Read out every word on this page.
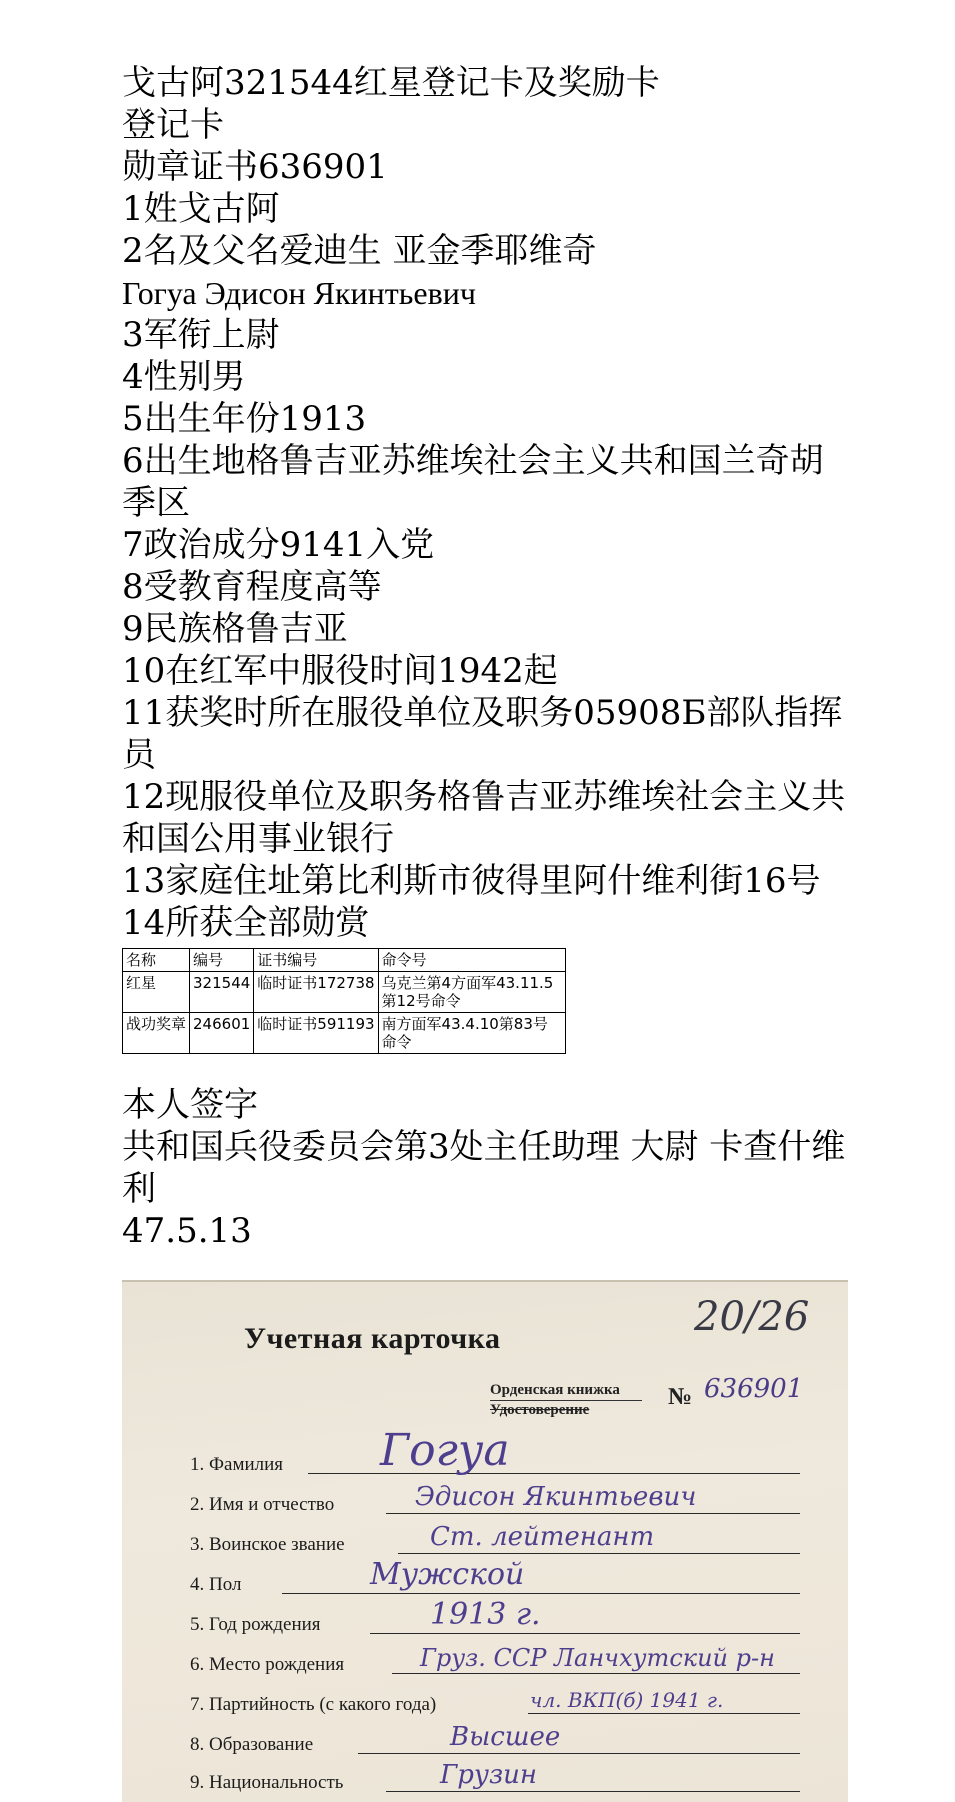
戈古阿321544红星登记卡及奖励卡

登记卡

勋章证书636901

1姓戈古阿

2名及父名爱迪生 亚金季耶维奇

Гогуа Эдисон Якинтьевич

3军衔上尉

4性别男

5出生年份1913

6出生地格鲁吉亚苏维埃社会主义共和国兰奇胡季区

7政治成分9141入党

8受教育程度高等

9民族格鲁吉亚

10在红军中服役时间1942起

11获奖时所在服役单位及职务05908Б部队指挥员

12现服役单位及职务格鲁吉亚苏维埃社会主义共和国公用事业银行

13家庭住址第比利斯市彼得里阿什维利街16号

14所获全部勋赏

名称	编号	证书编号	命令号
红星	321544	临时证书172738	乌克兰第4方面军43.11.5第12号命令
战功奖章	246601	临时证书591193	南方面军43.4.10第83号命令

本人签字

共和国兵役委员会第3处主任助理 大尉 卡查什维利

47.5.13

20/26
Учетная карточка
Орденская книжка
Удостоверение	№ 636901
1. Фамилия Гогуа
2. Имя и отчество	Эдисон Якинтьевич
3. Воинское звание	Ст. лейтенант
4. Пол	Мужской
5. Год рождения	1913 г.
6. Место рождения	Груз. ССР Ланчхутский р-н
7. Партийность (с какого года)	чл. ВКП(б) 1941 г.
8. Образование	Высшее
9. Национальность	Грузин
